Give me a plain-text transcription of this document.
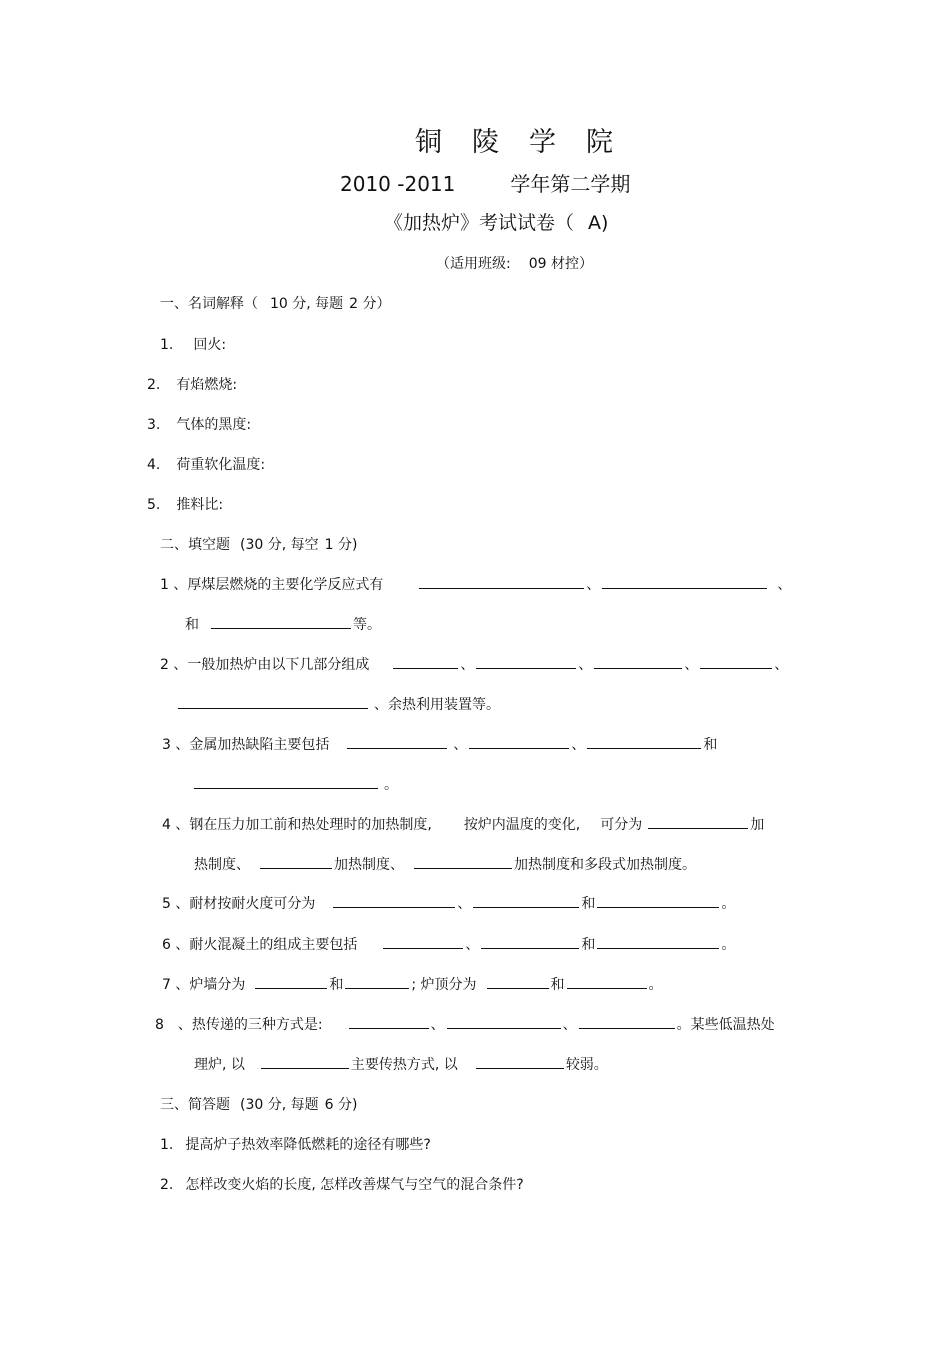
铜 陵 学 院
2010 -2011	学年第二学期
《加热炉》考试试卷（ A)
（适用班级: 09 材控）
一、名词解释（ 10 分, 每题 2 分）
1. 回火:
2. 有焰燃烧:
3. 气体的黑度:
4. 荷重软化温度:
5. 推料比:
二、填空题 (30 分, 每空 1 分)
1 、厚煤层燃烧的主要化学反应式有	、	、
和	等。
2 、一般加热炉由以下几部分组成	、	、	、	、
、余热利用装置等。
3 、金属加热缺陷主要包括	、	、	和
。
4 、钢在压力加工前和热处理时的加热制度, 按炉内温度的变化, 可分为	加
热制度、	加热制度、	加热制度和多段式加热制度。
5 、耐材按耐火度可分为	、	和	。
6 、耐火混凝土的组成主要包括	、	和	。
7 、炉墙分为	和	; 炉顶分为	和	。
8 、热传递的三种方式是:	、	、	。某些低温热处
理炉, 以	主要传热方式, 以	较弱。
三、简答题 (30 分, 每题 6 分)
1. 提高炉子热效率降低燃耗的途径有哪些?
2. 怎样改变火焰的长度, 怎样改善煤气与空气的混合条件?
